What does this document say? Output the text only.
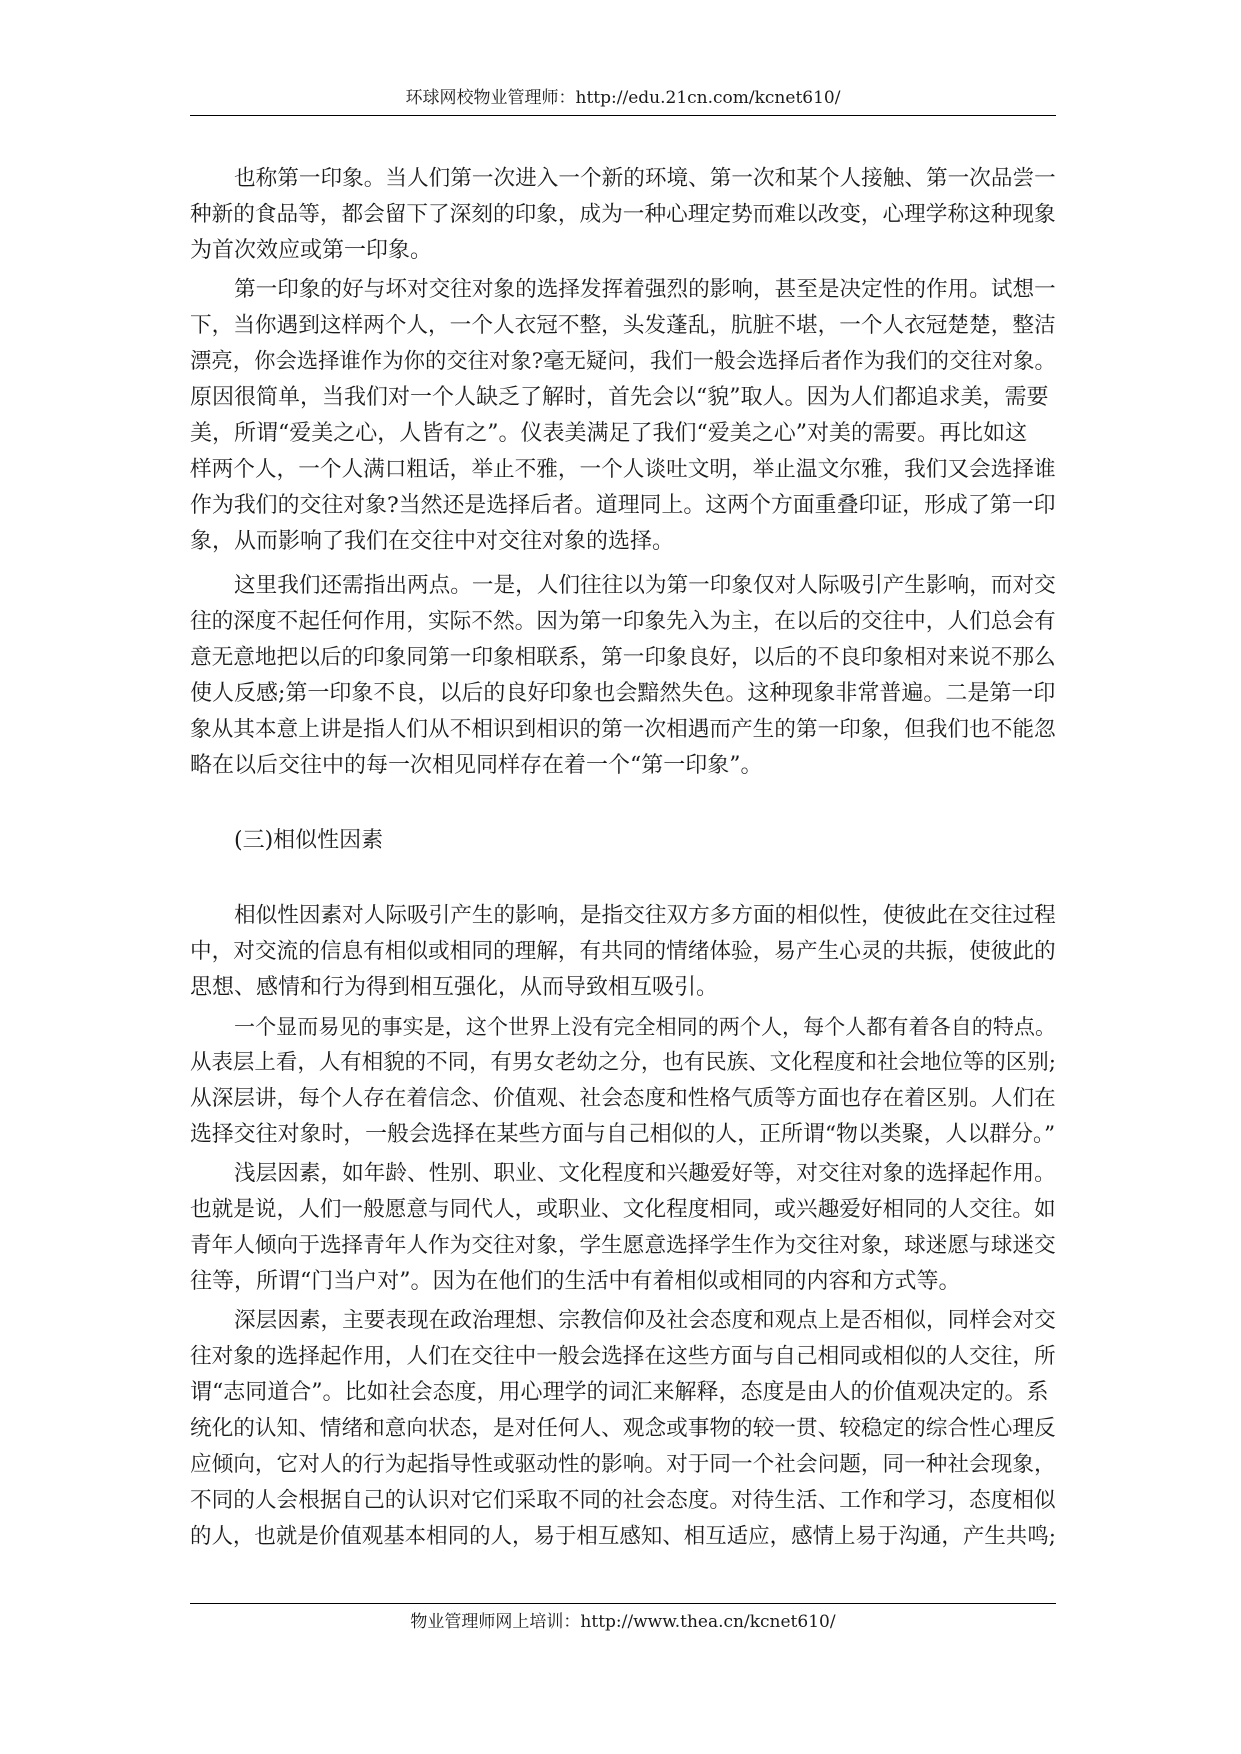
环球网校物业管理师：http://edu.21cn.com/kcnet610/
也称第一印象。当人们第一次进入一个新的环境、第一次和某个人接触、第一次品尝一
种新的食品等，都会留下了深刻的印象，成为一种心理定势而难以改变，心理学称这种现象
为首次效应或第一印象。
第一印象的好与坏对交往对象的选择发挥着强烈的影响，甚至是决定性的作用。试想一
下，当你遇到这样两个人，一个人衣冠不整，头发蓬乱，肮脏不堪，一个人衣冠楚楚，整洁
漂亮，你会选择谁作为你的交往对象?毫无疑问，我们一般会选择后者作为我们的交往对象。
原因很简单，当我们对一个人缺乏了解时，首先会以“貌”取人。因为人们都追求美，需要
美，所谓“爱美之心，人皆有之”。仪表美满足了我们“爱美之心”对美的需要。再比如这
样两个人，一个人满口粗话，举止不雅，一个人谈吐文明，举止温文尔雅，我们又会选择谁
作为我们的交往对象?当然还是选择后者。道理同上。这两个方面重叠印证，形成了第一印
象，从而影响了我们在交往中对交往对象的选择。
这里我们还需指出两点。一是，人们往往以为第一印象仅对人际吸引产生影响，而对交
往的深度不起任何作用，实际不然。因为第一印象先入为主，在以后的交往中，人们总会有
意无意地把以后的印象同第一印象相联系，第一印象良好，以后的不良印象相对来说不那么
使人反感;第一印象不良，以后的良好印象也会黯然失色。这种现象非常普遍。二是第一印
象从其本意上讲是指人们从不相识到相识的第一次相遇而产生的第一印象，但我们也不能忽
略在以后交往中的每一次相见同样存在着一个“第一印象”。
(三)相似性因素
相似性因素对人际吸引产生的影响，是指交往双方多方面的相似性，使彼此在交往过程
中，对交流的信息有相似或相同的理解，有共同的情绪体验，易产生心灵的共振，使彼此的
思想、感情和行为得到相互强化，从而导致相互吸引。
一个显而易见的事实是，这个世界上没有完全相同的两个人，每个人都有着各自的特点。
从表层上看，人有相貌的不同，有男女老幼之分，也有民族、文化程度和社会地位等的区别;
从深层讲，每个人存在着信念、价值观、社会态度和性格气质等方面也存在着区别。人们在
选择交往对象时，一般会选择在某些方面与自己相似的人，正所谓“物以类聚，人以群分。”
浅层因素，如年龄、性别、职业、文化程度和兴趣爱好等，对交往对象的选择起作用。
也就是说，人们一般愿意与同代人，或职业、文化程度相同，或兴趣爱好相同的人交往。如
青年人倾向于选择青年人作为交往对象，学生愿意选择学生作为交往对象，球迷愿与球迷交
往等，所谓“门当户对”。因为在他们的生活中有着相似或相同的内容和方式等。
深层因素，主要表现在政治理想、宗教信仰及社会态度和观点上是否相似，同样会对交
往对象的选择起作用，人们在交往中一般会选择在这些方面与自己相同或相似的人交往，所
谓“志同道合”。比如社会态度，用心理学的词汇来解释，态度是由人的价值观决定的。系
统化的认知、情绪和意向状态，是对任何人、观念或事物的较一贯、较稳定的综合性心理反
应倾向，它对人的行为起指导性或驱动性的影响。对于同一个社会问题，同一种社会现象，
不同的人会根据自己的认识对它们采取不同的社会态度。对待生活、工作和学习，态度相似
的人，也就是价值观基本相同的人，易于相互感知、相互适应，感情上易于沟通，产生共鸣;
物业管理师网上培训：http://www.thea.cn/kcnet610/
